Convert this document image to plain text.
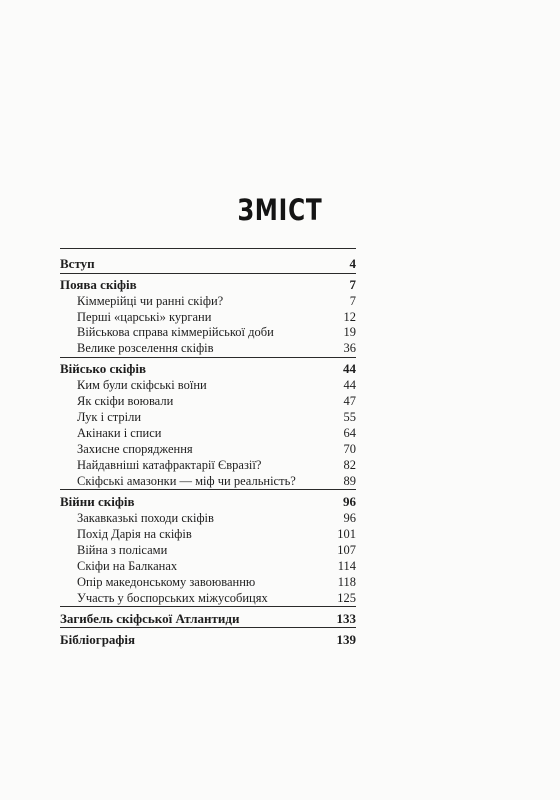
ЗМІСТ
Вступ	4
Поява скіфів	7
Кіммерійці чи ранні скіфи?	7
Перші «царські» кургани	12
Військова справа кіммерійської доби	19
Велике розселення скіфів	36
Військо скіфів	44
Ким були скіфські воїни	44
Як скіфи воювали	47
Лук і стріли	55
Акінаки і списи	64
Захисне спорядження	70
Найдавніші катафрактарії Євразії?	82
Скіфські амазонки — міф чи реальність?	89
Війни скіфів	96
Закавказькі походи скіфів	96
Похід Дарія на скіфів	101
Війна з полісами	107
Скіфи на Балканах	114
Опір македонському завоюванню	118
Участь у боспорських міжусобицях	125
Загибель скіфської Атлантиди	133
Бібліографія	139
